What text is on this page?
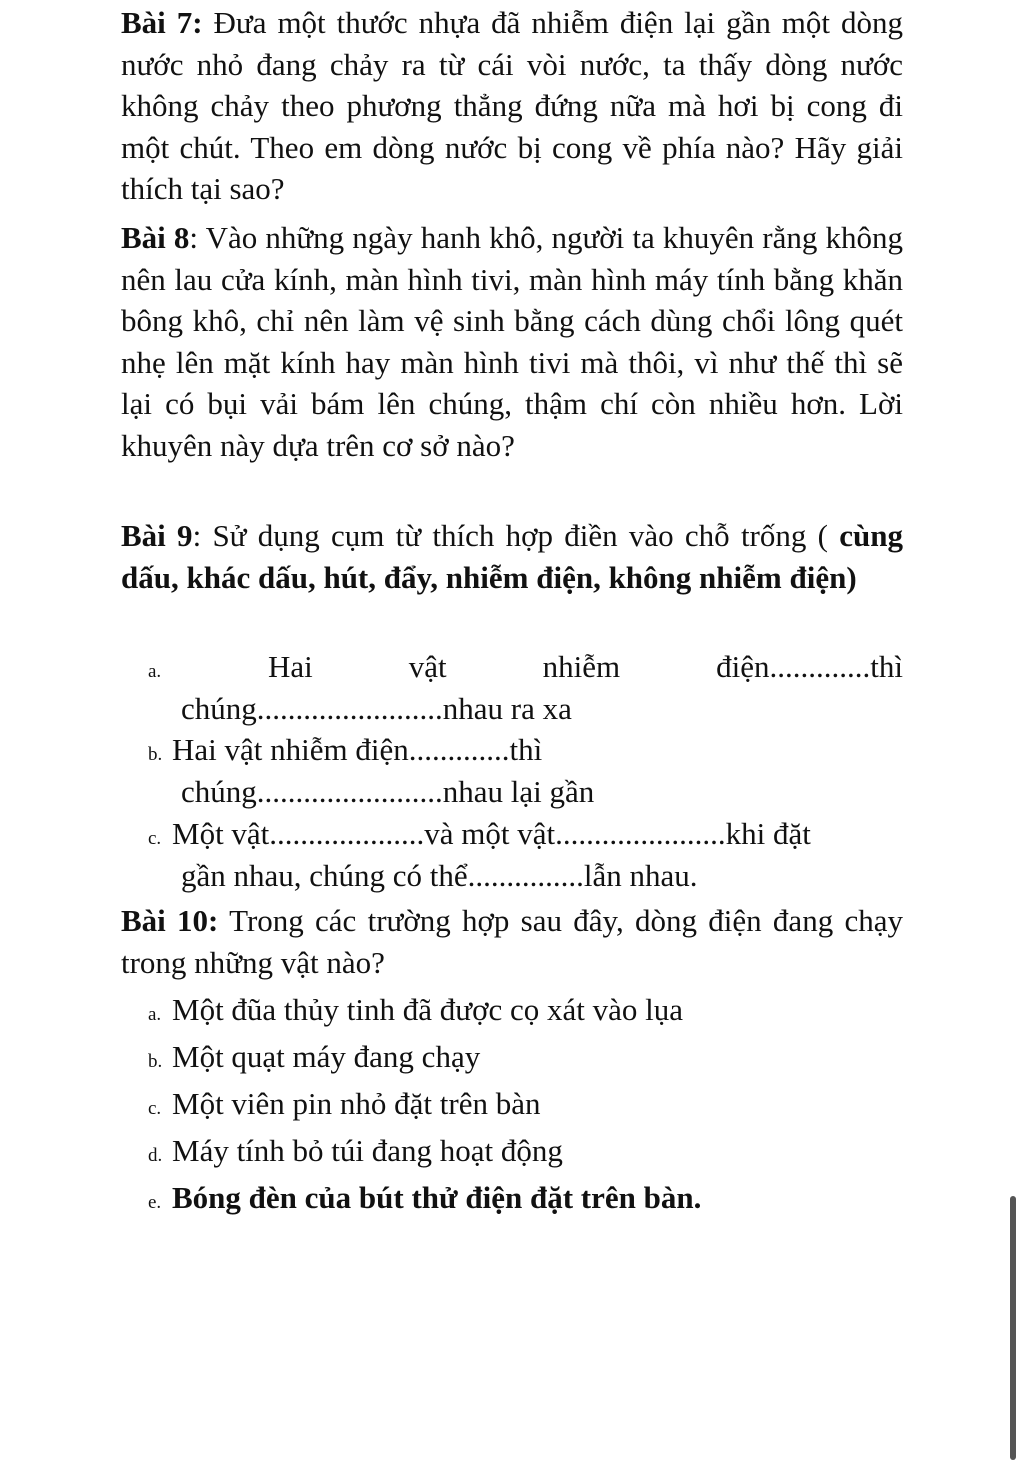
Bài 7: Đưa một thước nhựa đã nhiễm điện lại gần một dòng nước nhỏ đang chảy ra từ cái vòi nước, ta thấy dòng nước không chảy theo phương thẳng đứng nữa mà hơi bị cong đi một chút. Theo em dòng nước bị cong về phía nào? Hãy giải thích tại sao?

Bài 8: Vào những ngày hanh khô, người ta khuyên rằng không nên lau cửa kính, màn hình tivi, màn hình máy tính bằng khăn bông khô, chỉ nên làm vệ sinh bằng cách dùng chổi lông quét nhẹ lên mặt kính hay màn hình tivi mà thôi, vì như thế thì sẽ lại có bụi vải bám lên chúng, thậm chí còn nhiều hơn. Lời khuyên này dựa trên cơ sở nào?

Bài 9: Sử dụng cụm từ thích hợp điền vào chỗ trống ( cùng dấu, khác dấu, hút, đẩy, nhiễm điện, không nhiễm điện)

a.	Hai	vật	nhiễm	điện.............thì
chúng........................nhau ra xa
b. Hai vật nhiễm điện.............thì
chúng........................nhau lại gần
c. Một vật....................và một vật......................khi đặt
gần nhau, chúng có thể...............lẫn nhau.

Bài 10: Trong các trường hợp sau đây, dòng điện đang chạy trong những vật nào?

a. Một đũa thủy tinh đã được cọ xát vào lụa
b. Một quạt máy đang chạy
c. Một viên pin nhỏ đặt trên bàn
d. Máy tính bỏ túi đang hoạt động
e. Bóng đèn của bút thử điện đặt trên bàn.
